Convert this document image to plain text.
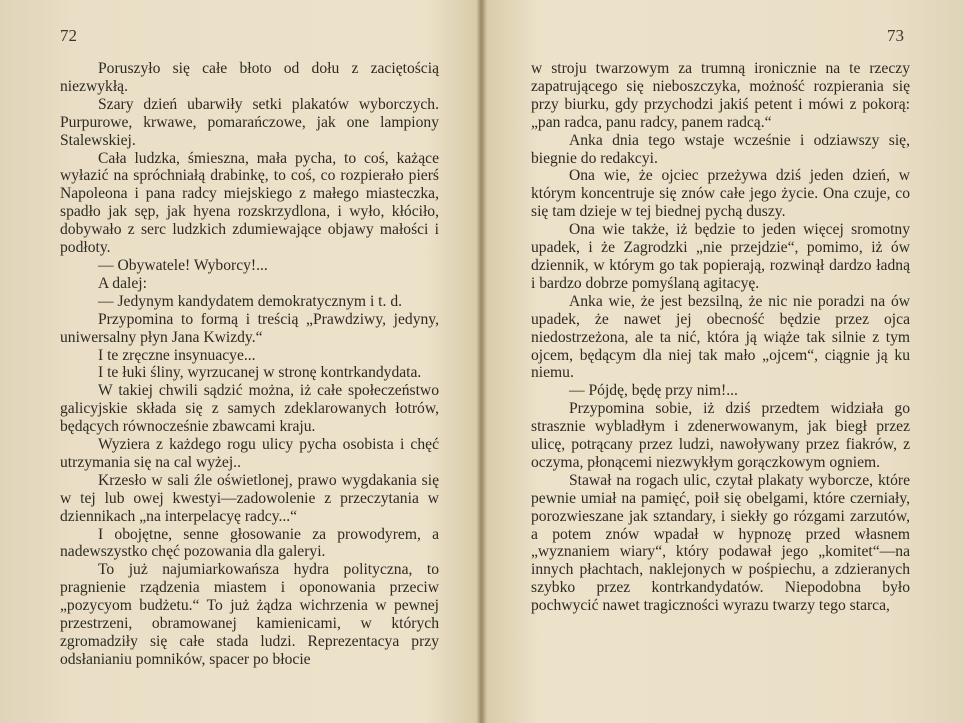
72

Poruszyło się całe błoto od dołu z zaciętością niezwykłą.

Szary dzień ubarwiły setki plakatów wyborczych. Purpurowe, krwawe, pomarańczowe, jak one lampiony Stalewskiej.

Cała ludzka, śmieszna, mała pycha, to coś, każące wyłazić na spróchniałą drabinkę, to coś, co rozpierało pierś Napoleona i pana radcy miejskiego z małego miasteczka, spadło jak sęp, jak hyena rozskrzydlona, i wyło, kłóciło, dobywało z serc ludzkich zdumiewające objawy małości i podłoty.

— Obywatele! Wyborcy!...

A dalej:

— Jedynym kandydatem demokratycznym i t. d.

Przypomina to formą i treścią „Prawdziwy, jedyny, uniwersalny płyn Jana Kwizdy.“

I te zręczne insynuacye...

I te łuki śliny, wyrzucanej w stronę kontrkandydata.

W takiej chwili sądzić można, iż całe społeczeństwo galicyjskie składa się z samych zdeklarowanych łotrów, będących równocześnie zbawcami kraju.

Wyziera z każdego rogu ulicy pycha osobista i chęć utrzymania się na cal wyżej..

Krzesło w sali źle oświetlonej, prawo wygdakania się w tej lub owej kwestyi—zadowolenie z przeczytania w dziennikach „na interpelacyę radcy...“

I obojętne, senne głosowanie za prowodyrem, a nadewszystko chęć pozowania dla galeryi.

To już najumiarkowańsza hydra polityczna, to pragnienie rządzenia miastem i oponowania przeciw „pozycyom budżetu.“ To już żądza wichrzenia w pewnej przestrzeni, obramowanej kamienicami, w których zgromadziły się całe stada ludzi. Reprezentacya przy odsłanianiu pomników, spacer po błocie

73

w stroju twarzowym za trumną ironicznie na te rzeczy zapatrującego się nieboszczyka, możność rozpierania się przy biurku, gdy przychodzi jakiś petent i mówi z pokorą: „pan radca, panu radcy, panem radcą.“

Anka dnia tego wstaje wcześnie i odziawszy się, biegnie do redakcyi.

Ona wie, że ojciec przeżywa dziś jeden dzień, w którym koncentruje się znów całe jego życie. Ona czuje, co się tam dzieje w tej biednej pychą duszy.

Ona wie także, iż będzie to jeden więcej sromotny upadek, i że Zagrodzki „nie przejdzie“, pomimo, iż ów dziennik, w którym go tak popierają, rozwinął dardzo ładną i bardzo dobrze pomyślaną agitacyę.

Anka wie, że jest bezsilną, że nic nie poradzi na ów upadek, że nawet jej obecność będzie przez ojca niedostrzeżona, ale ta nić, która ją wiąże tak silnie z tym ojcem, będącym dla niej tak mało „ojcem“, ciągnie ją ku niemu.

— Pójdę, będę przy nim!...

Przypomina sobie, iż dziś przedtem widziała go strasznie wybladłym i zdenerwowanym, jak biegł przez ulicę, potrącany przez ludzi, nawoływany przez fiakrów, z oczyma, płonącemi niezwykłym gorączkowym ogniem.

Stawał na rogach ulic, czytał plakaty wyborcze, które pewnie umiał na pamięć, poił się obelgami, które czerniały, porozwieszane jak sztandary, i siekły go rózgami zarzutów, a potem znów wpadał w hypnozę przed własnem „wyznaniem wiary“, który podawał jego „komitet“—na innych płachtach, naklejonych w pośpiechu, a zdzieranych szybko przez kontrkandydatów. Niepodobna było pochwycić nawet tragiczności wyrazu twarzy tego starca,
